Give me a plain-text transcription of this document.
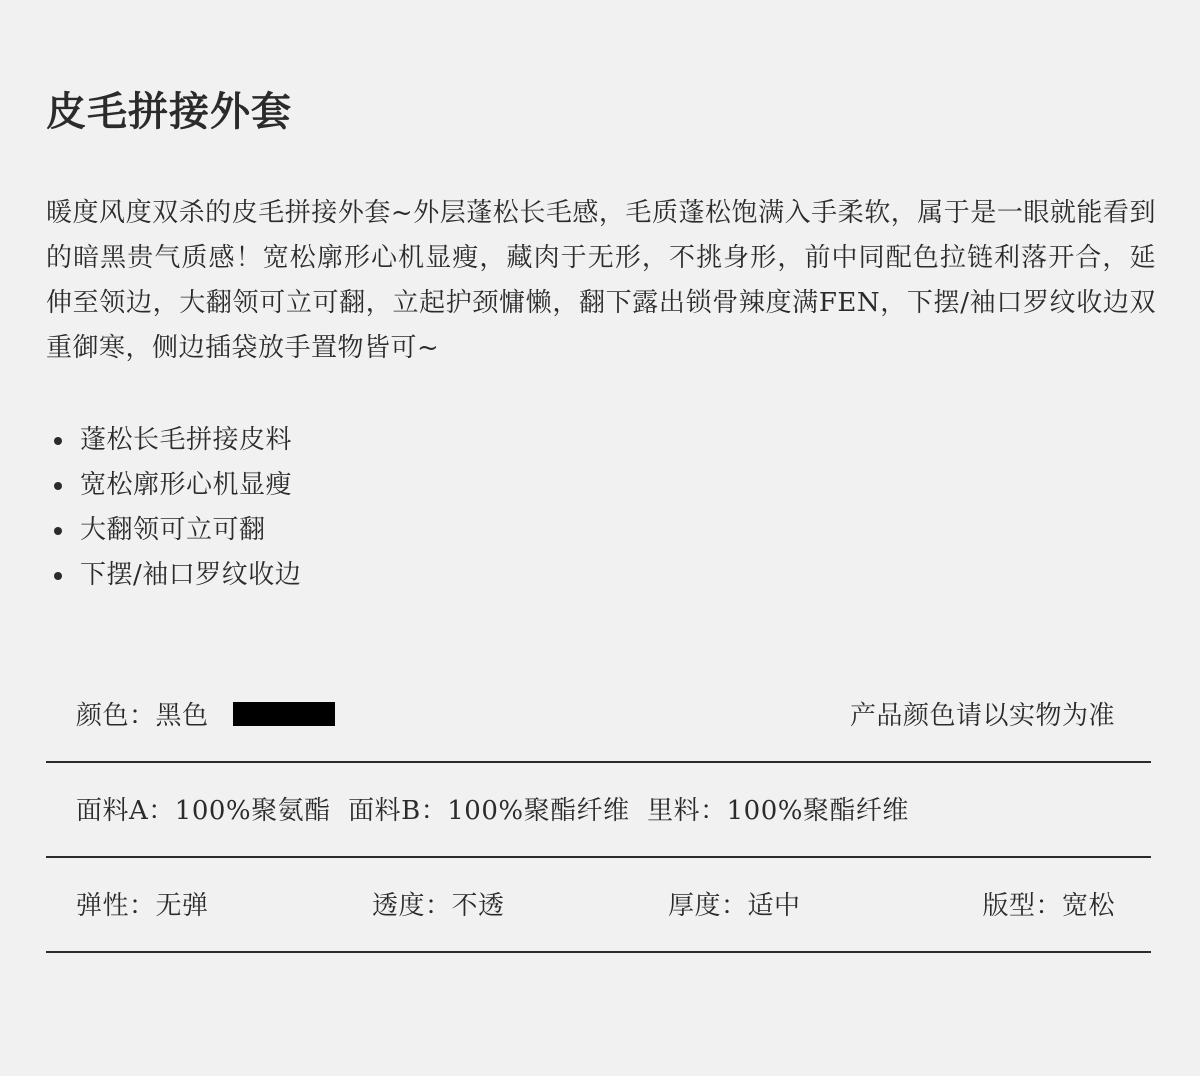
皮毛拼接外套

暖度风度双杀的皮毛拼接外套~外层蓬松长毛感，毛质蓬松饱满入手柔软，属于是一眼就能看到的暗黑贵气质感！宽松廓形心机显瘦，藏肉于无形，不挑身形，前中同配色拉链利落开合，延伸至领边，大翻领可立可翻，立起护颈慵懒，翻下露出锁骨辣度满FEN，下摆/袖口罗纹收边双重御寒，侧边插袋放手置物皆可~

蓬松长毛拼接皮料
宽松廓形心机显瘦
大翻领可立可翻
下摆/袖口罗纹收边
颜色：黑色	产品颜色请以实物为准
面料A：100%聚氨酯  面料B：100%聚酯纤维  里料：100%聚酯纤维
弹性：无弹	透度：不透	厚度：适中	版型：宽松
